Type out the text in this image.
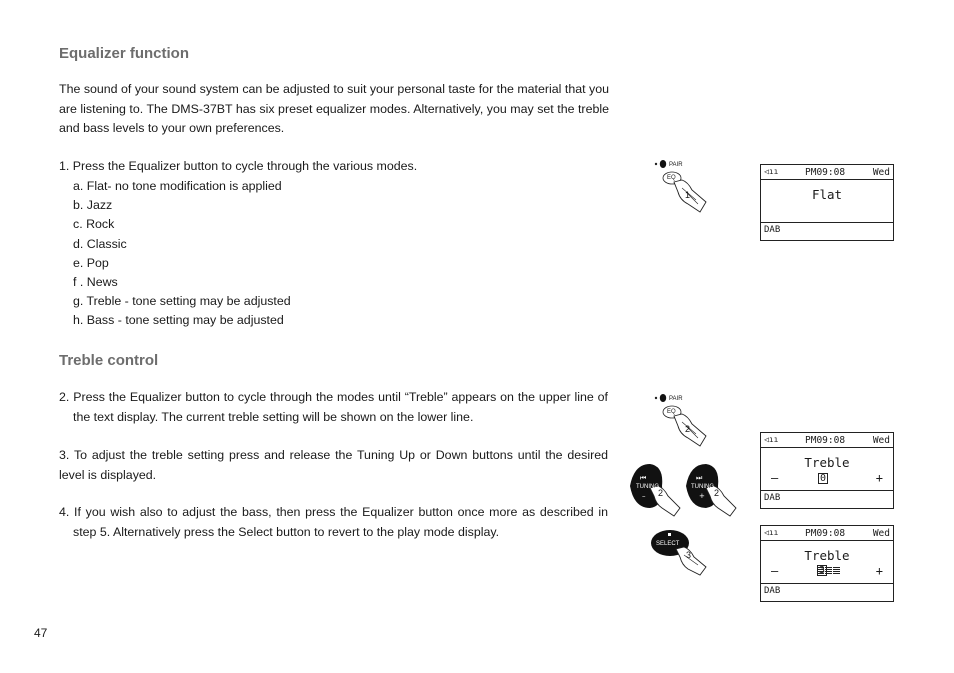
Equalizer function
The sound of your sound system can be adjusted to suit your personal taste for the material that you are listening to. The DMS-37BT has six preset equalizer modes. Alternatively, you may set the treble and bass levels to your own preferences.
1. Press the Equalizer button to cycle through the various modes.
a. Flat- no tone modification is applied
b. Jazz
c. Rock
d. Classic
e. Pop
f . News
g. Treble - tone setting may be adjusted
h. Bass - tone setting may be adjusted
Treble control
2. Press the Equalizer button to cycle through the modes until “Treble” appears on the upper line of the text display. The current treble setting will be shown on the lower line.
3. To adjust the treble setting press and release the Tuning Up or Down buttons until the desired level is displayed.
4. If you wish also to adjust the bass, then press the Equalizer button once more as described in step 5. Alternatively press the Select button to revert to the play mode display.
47
PAIR
EQ
1
◁ıı	PM09:08	Wed
Flat
DAB
PAIR
EQ
2
⏮	⏭
–	+
TUNING	TUNING
2	2
◁ıı	PM09:08	Wed
Treble
–	0	+
DAB
SELECT
3
◁ıı	PM09:08	Wed
Treble
–	3	+
DAB
